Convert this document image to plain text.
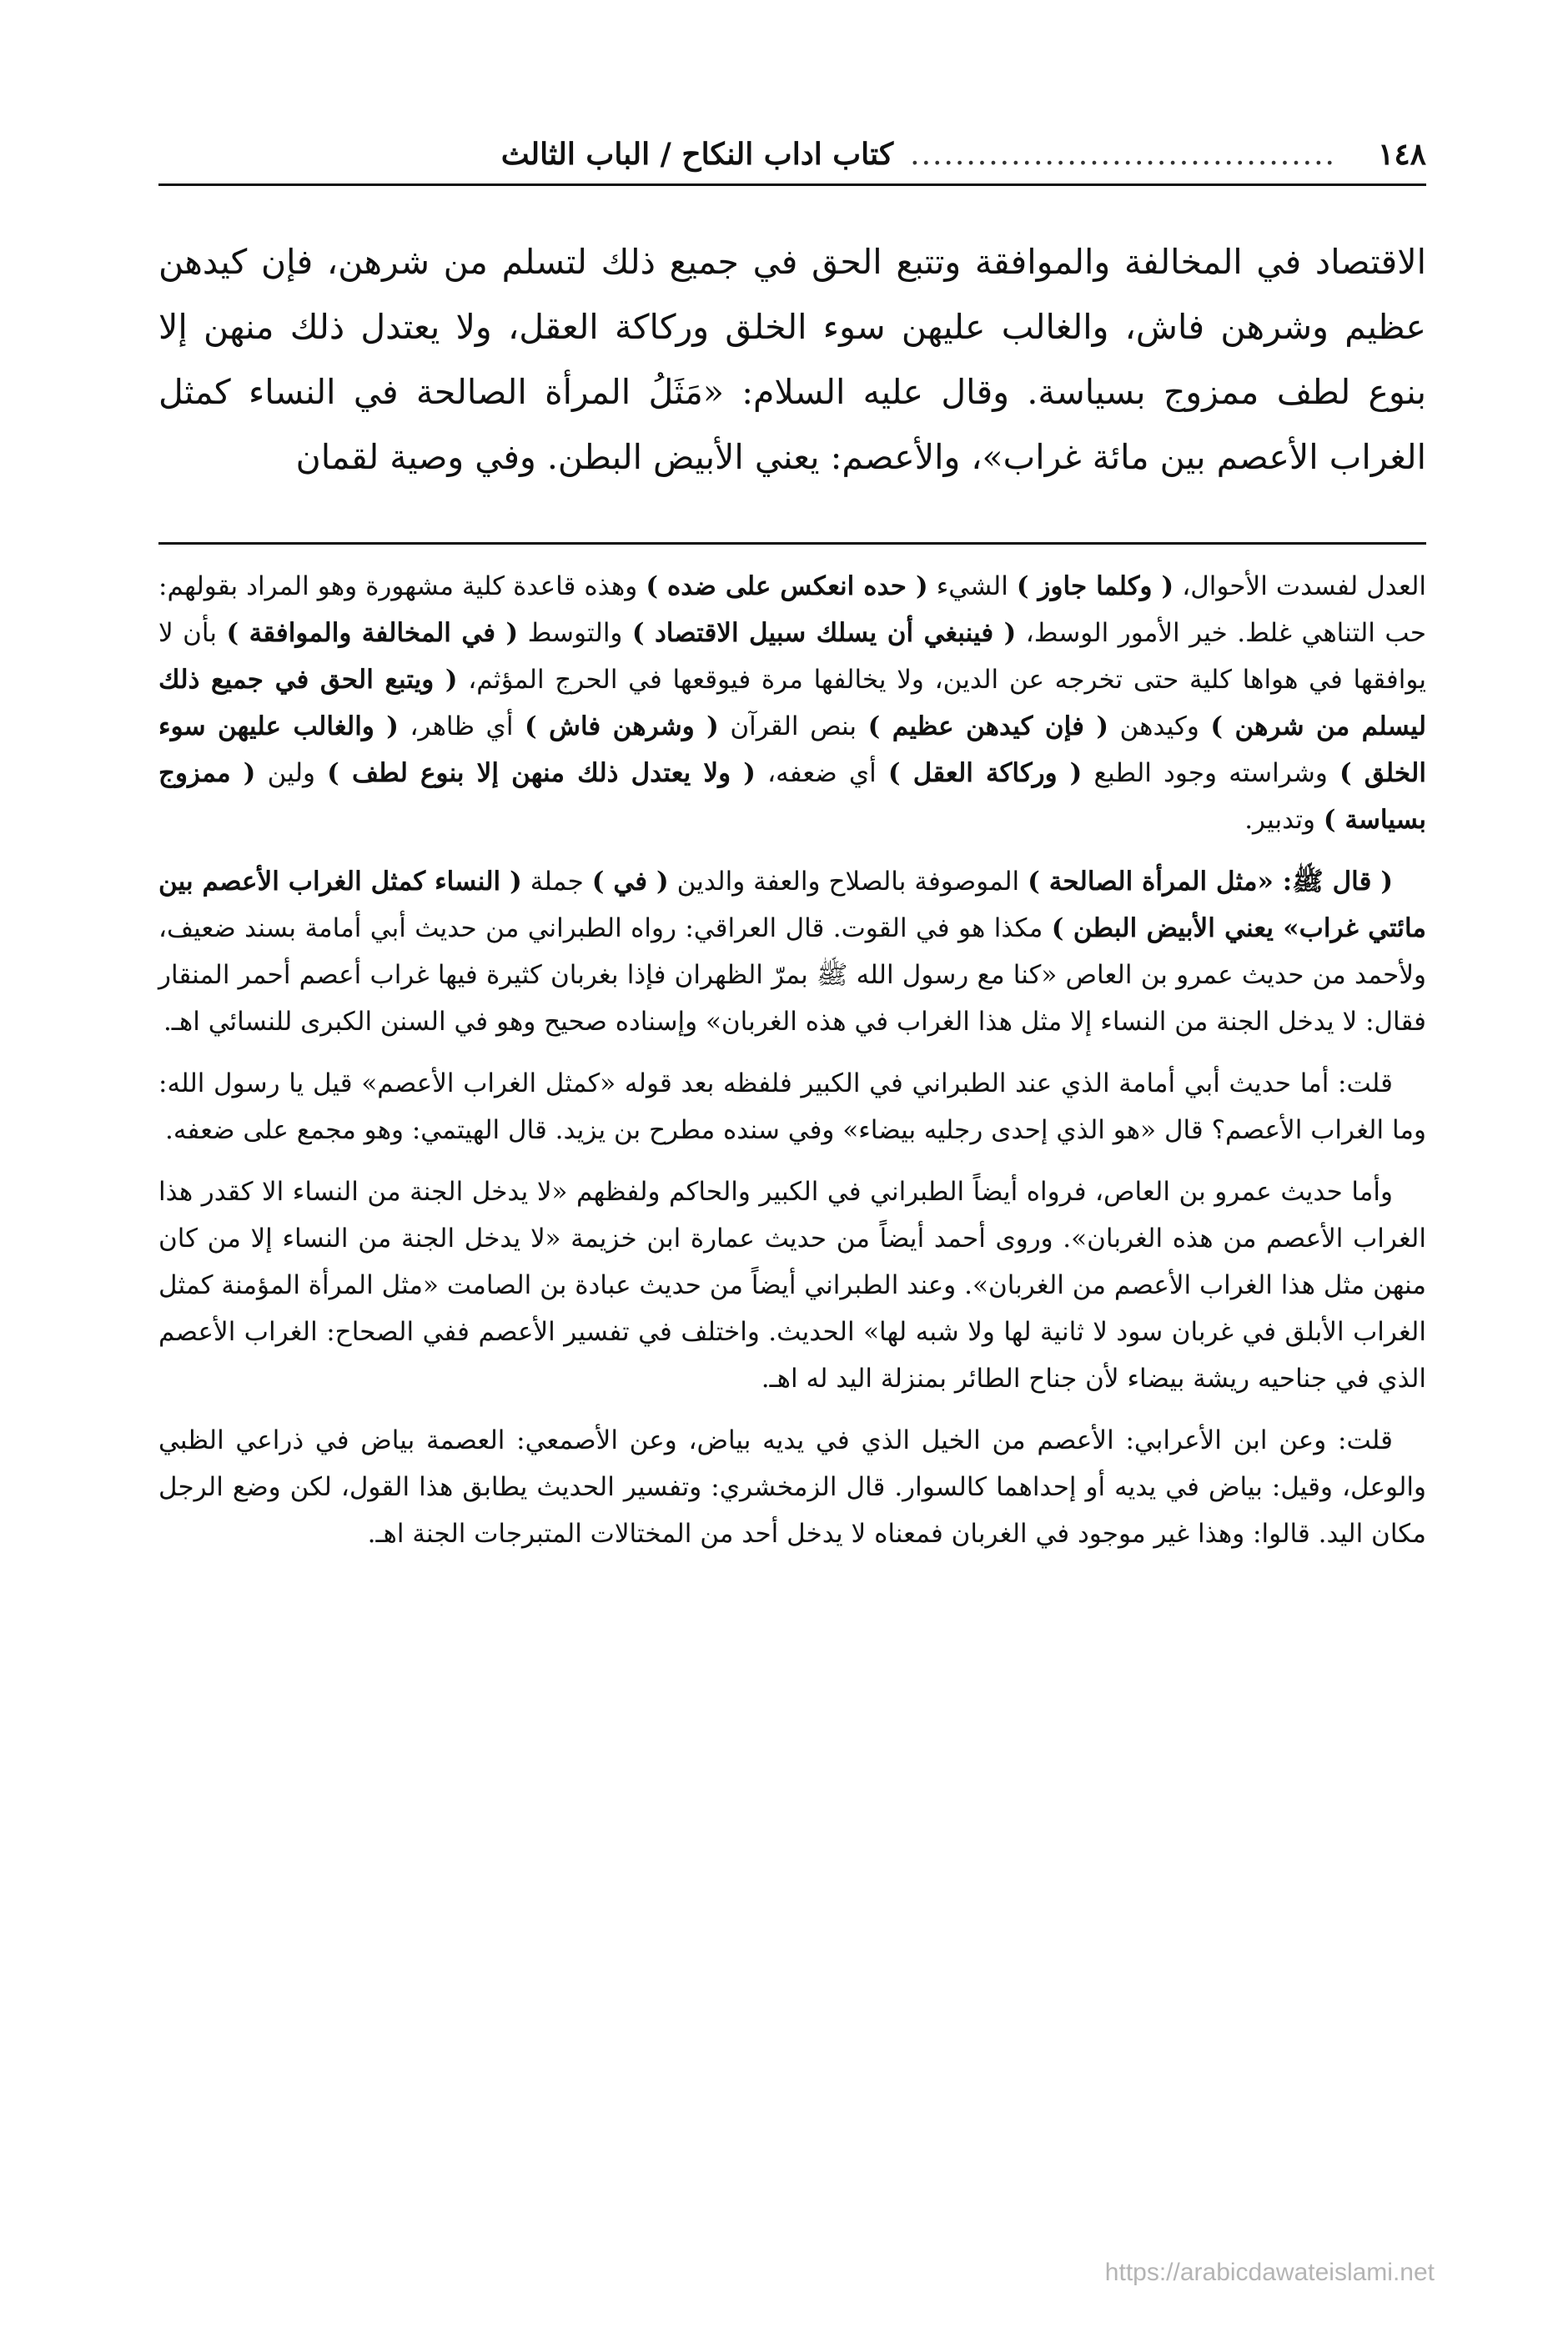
١٤٨
......................................
كتاب اداب النكاح / الباب الثالث

الاقتصاد في المخالفة والموافقة وتتبع الحق في جميع ذلك لتسلم من شرهن، فإن كيدهن عظيم وشرهن فاش، والغالب عليهن سوء الخلق وركاكة العقل، ولا يعتدل ذلك منهن إلا بنوع لطف ممزوج بسياسة. وقال عليه السلام: «مَثَلُ المرأة الصالحة في النساء كمثل الغراب الأعصم بين مائة غراب»، والأعصم: يعني الأبيض البطن. وفي وصية لقمان

العدل لفسدت الأحوال، ( وكلما جاوز ) الشيء ( حده انعكس على ضده ) وهذه قاعدة كلية مشهورة وهو المراد بقولهم: حب التناهي غلط. خير الأمور الوسط، ( فينبغي أن يسلك سبيل الاقتصاد ) والتوسط ( في المخالفة والموافقة ) بأن لا يوافقها في هواها كلية حتى تخرجه عن الدين، ولا يخالفها مرة فيوقعها في الحرج المؤثم، ( ويتبع الحق في جميع ذلك ليسلم من شرهن ) وكيدهن ( فإن كيدهن عظيم ) بنص القرآن ( وشرهن فاش ) أي ظاهر، ( والغالب عليهن سوء الخلق ) وشراسته وجود الطبع ( وركاكة العقل ) أي ضعفه، ( ولا يعتدل ذلك منهن إلا بنوع لطف ) ولين ( ممزوج بسياسة ) وتدبير.

( قال ﷺ: «مثل المرأة الصالحة ) الموصوفة بالصلاح والعفة والدين ( في ) جملة ( النساء كمثل الغراب الأعصم بين مائتي غراب» يعني الأبيض البطن ) مكذا هو في القوت. قال العراقي: رواه الطبراني من حديث أبي أمامة بسند ضعيف، ولأحمد من حديث عمرو بن العاص «كنا مع رسول الله ﷺ بمرّ الظهران فإذا بغربان كثيرة فيها غراب أعصم أحمر المنقار فقال: لا يدخل الجنة من النساء إلا مثل هذا الغراب في هذه الغربان» وإسناده صحيح وهو في السنن الكبرى للنسائي اهـ.

قلت: أما حديث أبي أمامة الذي عند الطبراني في الكبير فلفظه بعد قوله «كمثل الغراب الأعصم» قيل يا رسول الله: وما الغراب الأعصم؟ قال «هو الذي إحدى رجليه بيضاء» وفي سنده مطرح بن يزيد. قال الهيتمي: وهو مجمع على ضعفه.

وأما حديث عمرو بن العاص، فرواه أيضاً الطبراني في الكبير والحاكم ولفظهم «لا يدخل الجنة من النساء الا كقدر هذا الغراب الأعصم من هذه الغربان». وروى أحمد أيضاً من حديث عمارة ابن خزيمة «لا يدخل الجنة من النساء إلا من كان منهن مثل هذا الغراب الأعصم من الغربان». وعند الطبراني أيضاً من حديث عبادة بن الصامت «مثل المرأة المؤمنة كمثل الغراب الأبلق في غربان سود لا ثانية لها ولا شبه لها» الحديث. واختلف في تفسير الأعصم ففي الصحاح: الغراب الأعصم الذي في جناحيه ريشة بيضاء لأن جناح الطائر بمنزلة اليد له اهـ.

قلت: وعن ابن الأعرابي: الأعصم من الخيل الذي في يديه بياض، وعن الأصمعي: العصمة بياض في ذراعي الظبي والوعل، وقيل: بياض في يديه أو إحداهما كالسوار. قال الزمخشري: وتفسير الحديث يطابق هذا القول، لكن وضع الرجل مكان اليد. قالوا: وهذا غير موجود في الغربان فمعناه لا يدخل أحد من المختالات المتبرجات الجنة اهـ.

https://arabicdawateislami.net
